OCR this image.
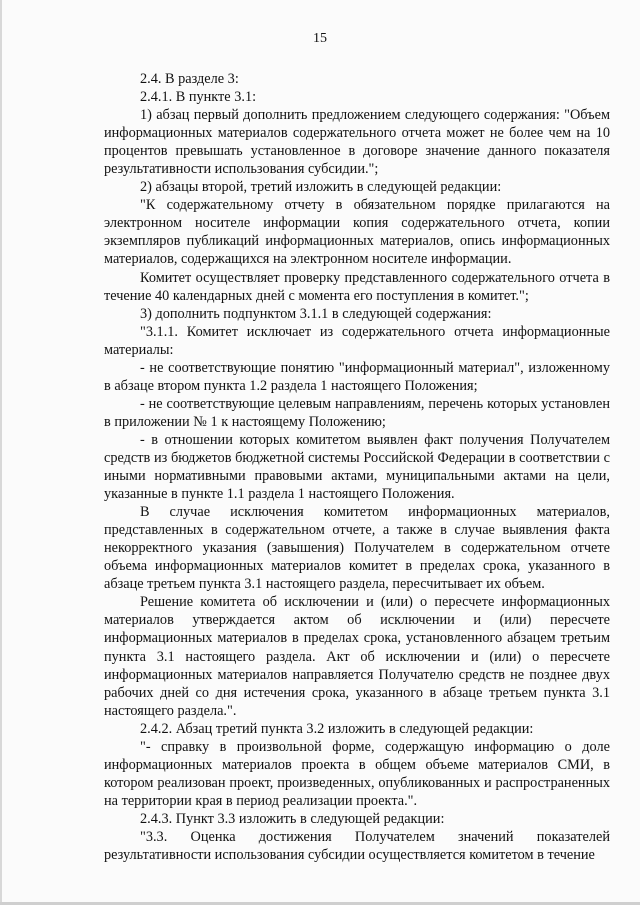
15

2.4. В разделе 3:

2.4.1. В пункте 3.1:

1) абзац первый дополнить предложением следующего содержания: "Объем информационных материалов содержательного отчета может не более чем на 10 процентов превышать установленное в договоре значение данного показателя результативности использования субсидии.";

2) абзацы второй, третий изложить в следующей редакции:

"К содержательному отчету в обязательном порядке прилагаются на электронном носителе информации копия содержательного отчета, копии экземпляров публикаций информационных материалов, опись информационных материалов, содержащихся на электронном носителе информации.

Комитет осуществляет проверку представленного содержательного отчета в течение 40 календарных дней с момента его поступления в комитет.";

3) дополнить подпунктом 3.1.1 в следующей содержания:

"3.1.1. Комитет исключает из содержательного отчета информационные материалы:

- не соответствующие понятию "информационный материал", изложенному в абзаце втором пункта 1.2 раздела 1 настоящего Положения;

- не соответствующие целевым направлениям, перечень которых установлен в приложении № 1 к настоящему Положению;

- в отношении которых комитетом выявлен факт получения Получателем средств из бюджетов бюджетной системы Российской Федерации в соответствии с иными нормативными правовыми актами, муниципальными актами на цели, указанные в пункте 1.1 раздела 1 настоящего Положения.

В случае исключения комитетом информационных материалов, представленных в содержательном отчете, а также в случае выявления факта некорректного указания (завышения) Получателем в содержательном отчете объема информационных материалов комитет в пределах срока, указанного в абзаце третьем пункта 3.1 настоящего раздела, пересчитывает их объем.

Решение комитета об исключении и (или) о пересчете информационных материалов утверждается актом об исключении и (или) пересчете информационных материалов в пределах срока, установленного абзацем третьим пункта 3.1 настоящего раздела. Акт об исключении и (или) о пересчете информационных материалов направляется Получателю средств не позднее двух рабочих дней со дня истечения срока, указанного в абзаце третьем пункта 3.1 настоящего раздела.".

2.4.2. Абзац третий пункта 3.2 изложить в следующей редакции:

"- справку в произвольной форме, содержащую информацию о доле информационных материалов проекта в общем объеме материалов СМИ, в котором реализован проект, произведенных, опубликованных и распространенных на территории края в период реализации проекта.".

2.4.3. Пункт 3.3 изложить в следующей редакции:

"3.3. Оценка достижения Получателем значений показателей результативности использования субсидии осуществляется комитетом в течение
